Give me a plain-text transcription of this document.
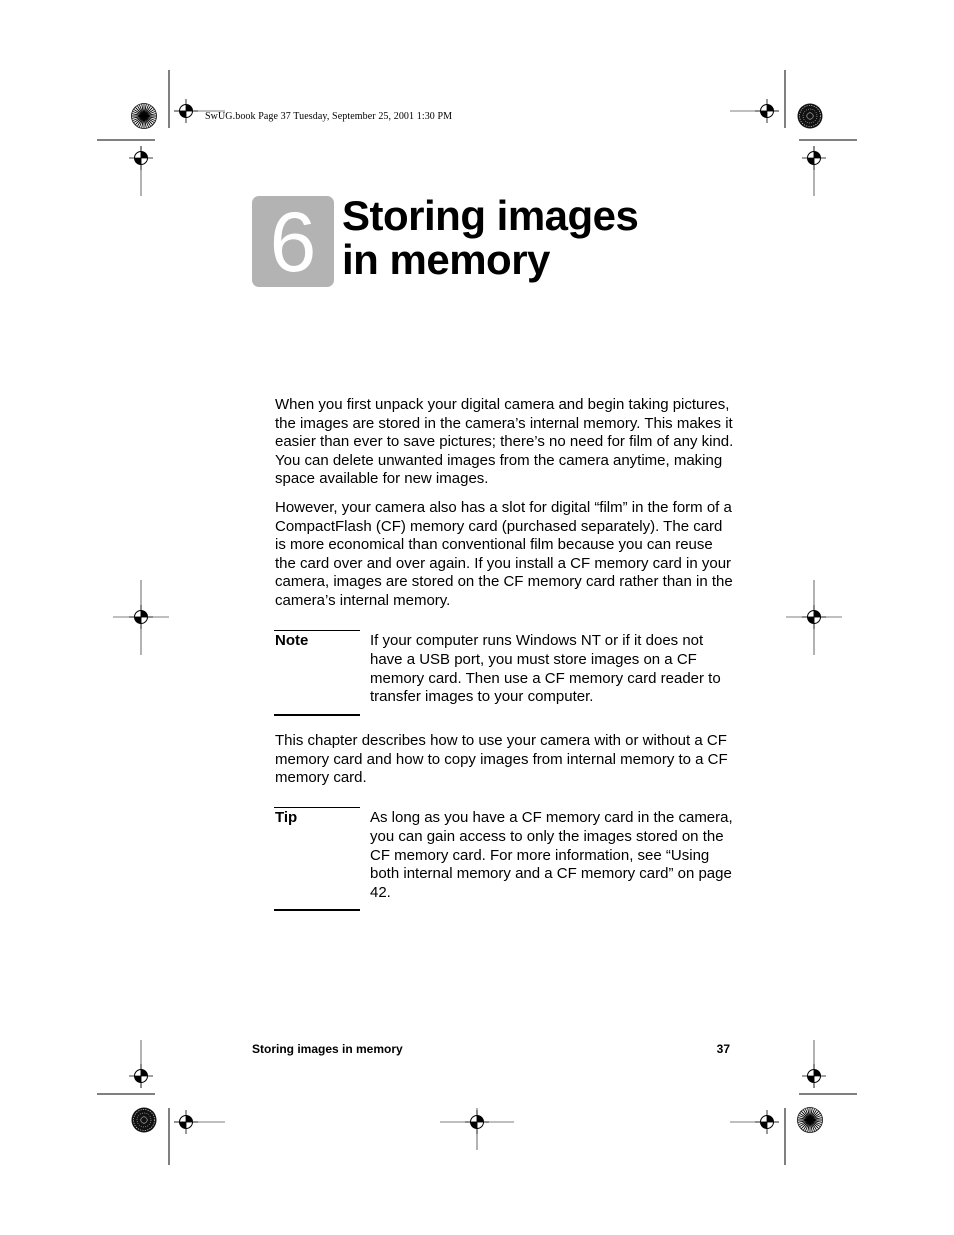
SwUG.book Page 37 Tuesday, September 25, 2001 1:30 PM
6 Storing images
in memory

When you first unpack your digital camera and begin taking pictures, the images are stored in the camera’s internal memory. This makes it easier than ever to save pictures; there’s no need for film of any kind. You can delete unwanted images from the camera anytime, making space available for new images.

However, your camera also has a slot for digital “film” in the form of a CompactFlash (CF) memory card (purchased separately). The card is more economical than conventional film because you can reuse the card over and over again. If you install a CF memory card in your camera, images are stored on the CF memory card rather than in the camera’s internal memory.

Note	If your computer runs Windows NT or if it does not have a USB port, you must store images on a CF memory card. Then use a CF memory card reader to transfer images to your computer.

This chapter describes how to use your camera with or without a CF memory card and how to copy images from internal memory to a CF memory card.

Tip	As long as you have a CF memory card in the camera, you can gain access to only the images stored on the CF memory card. For more information, see “Using both internal memory and a CF memory card” on page 42.

Storing images in memory	37
